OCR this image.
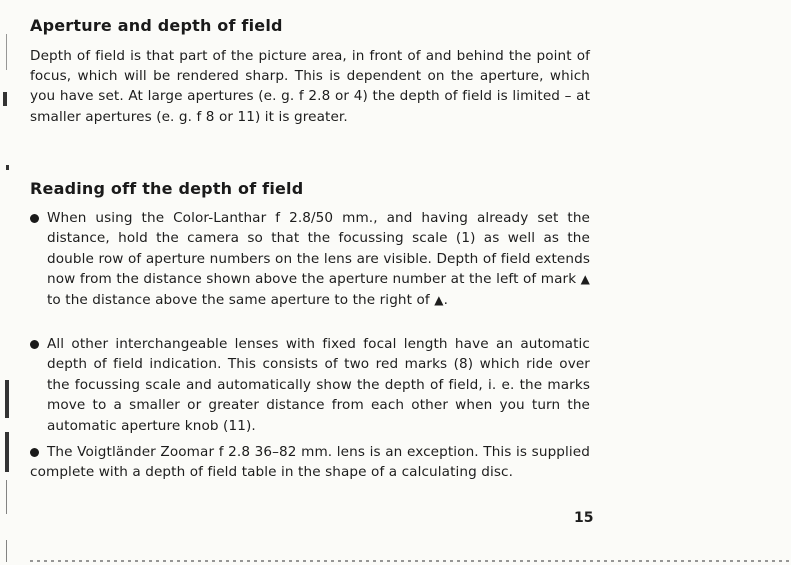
Aperture and depth of field

Depth of field is that part of the picture area, in front of and behind the point of focus, which will be rendered sharp. This is dependent on the aperture, which you have set. At large apertures (e. g. f 2.8 or 4) the depth of field is limited – at smaller apertures (e. g. f 8 or 11) it is greater.

Reading off the depth of field
When using the Color-Lanthar f 2.8/50 mm., and having already set the distance, hold the camera so that the focussing scale (1) as well as the double row of aperture numbers on the lens are visible. Depth of field extends now from the distance shown above the aperture number at the left of mark ▲ to the distance above the same aperture to the right of ▲.
All other interchangeable lenses with fixed focal length have an automatic depth of field indication. This consists of two red marks (8) which ride over the focussing scale and automatically show the depth of field, i. e. the marks move to a smaller or greater distance from each other when you turn the automatic aperture knob (11).
The Voigtländer Zoomar f 2.8 36–82 mm. lens is an exception. This is supplied complete with a depth of field table in the shape of a calculating disc.
15
